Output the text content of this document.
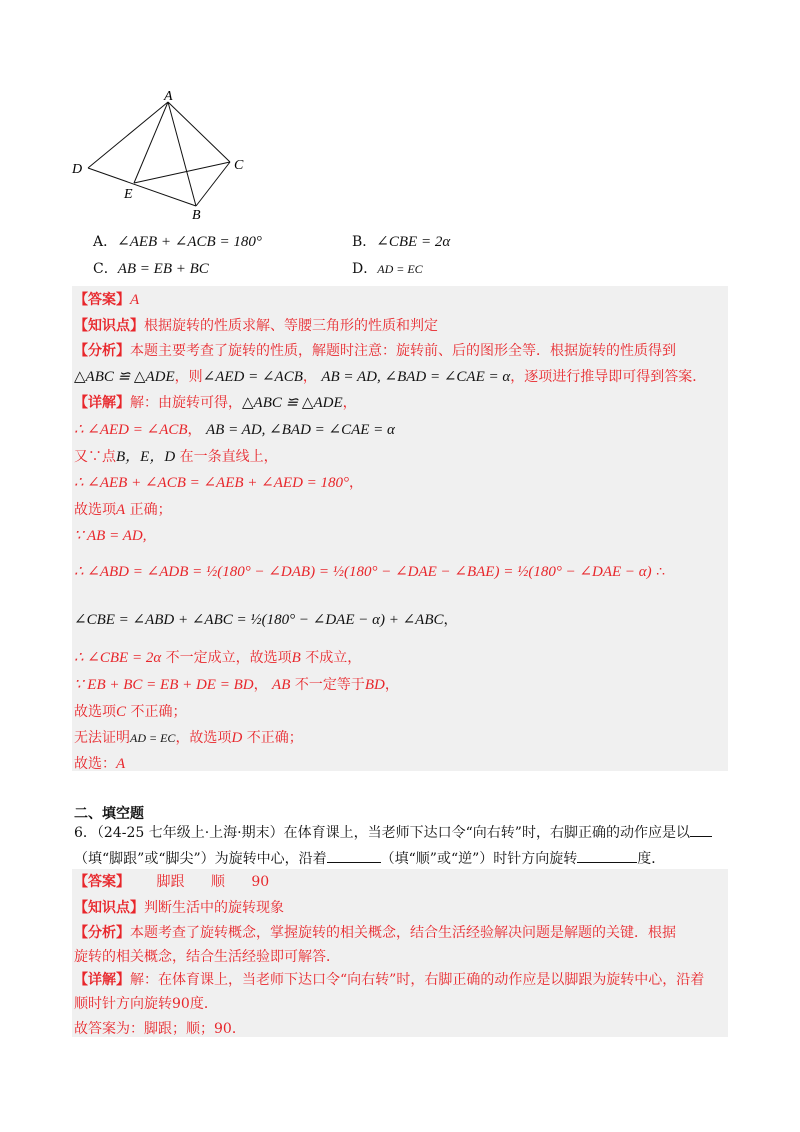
A
D	C
E
B
A．∠AEB + ∠ACB = 180°	B．∠CBE = 2α
C．AB = EB + BC	D．AD = EC
【答案】A
【知识点】根据旋转的性质求解、等腰三角形的性质和判定
【分析】本题主要考查了旋转的性质，解题时注意：旋转前、后的图形全等．根据旋转的性质得到
△ABC ≌ △ADE，则∠AED = ∠ACB， AB = AD, ∠BAD = ∠CAE = α，逐项进行推导即可得到答案．
【详解】解：由旋转可得，△ABC ≌ △ADE，
∴ ∠AED = ∠ACB， AB = AD, ∠BAD = ∠CAE = α
又∵点B，E，D 在一条直线上，
∴ ∠AEB + ∠ACB = ∠AEB + ∠AED = 180°，
故选项A 正确；
∵ AB = AD,
∴ ∠ABD = ∠ADB = ½(180° − ∠DAB) = ½(180° − ∠DAE − ∠BAE) = ½(180° − ∠DAE − α) ∴
∠CBE = ∠ABD + ∠ABC = ½(180° − ∠DAE − α) + ∠ABC，
∴ ∠CBE = 2α 不一定成立，故选项B 不成立，
∵ EB + BC = EB + DE = BD， AB 不一定等于BD，
故选项C 不正确；
无法证明AD = EC，故选项D 不正确；
故选：A
二、填空题
6．（24-25 七年级上·上海·期末）在体育课上，当老师下达口令“向右转”时，右脚正确的动作应是以
（填“脚跟”或“脚尖”）为旋转中心，沿着	（填“顺”或“逆”）时针方向旋转	度．
【答案】 脚跟 顺 90
【知识点】判断生活中的旋转现象
【分析】本题考查了旋转概念，掌握旋转的相关概念，结合生活经验解决问题是解题的关键．根据
旋转的相关概念，结合生活经验即可解答．
【详解】解：在体育课上，当老师下达口令“向右转”时，右脚正确的动作应是以脚跟为旋转中心，沿着
顺时针方向旋转90度．
故答案为：脚跟；顺；90．
